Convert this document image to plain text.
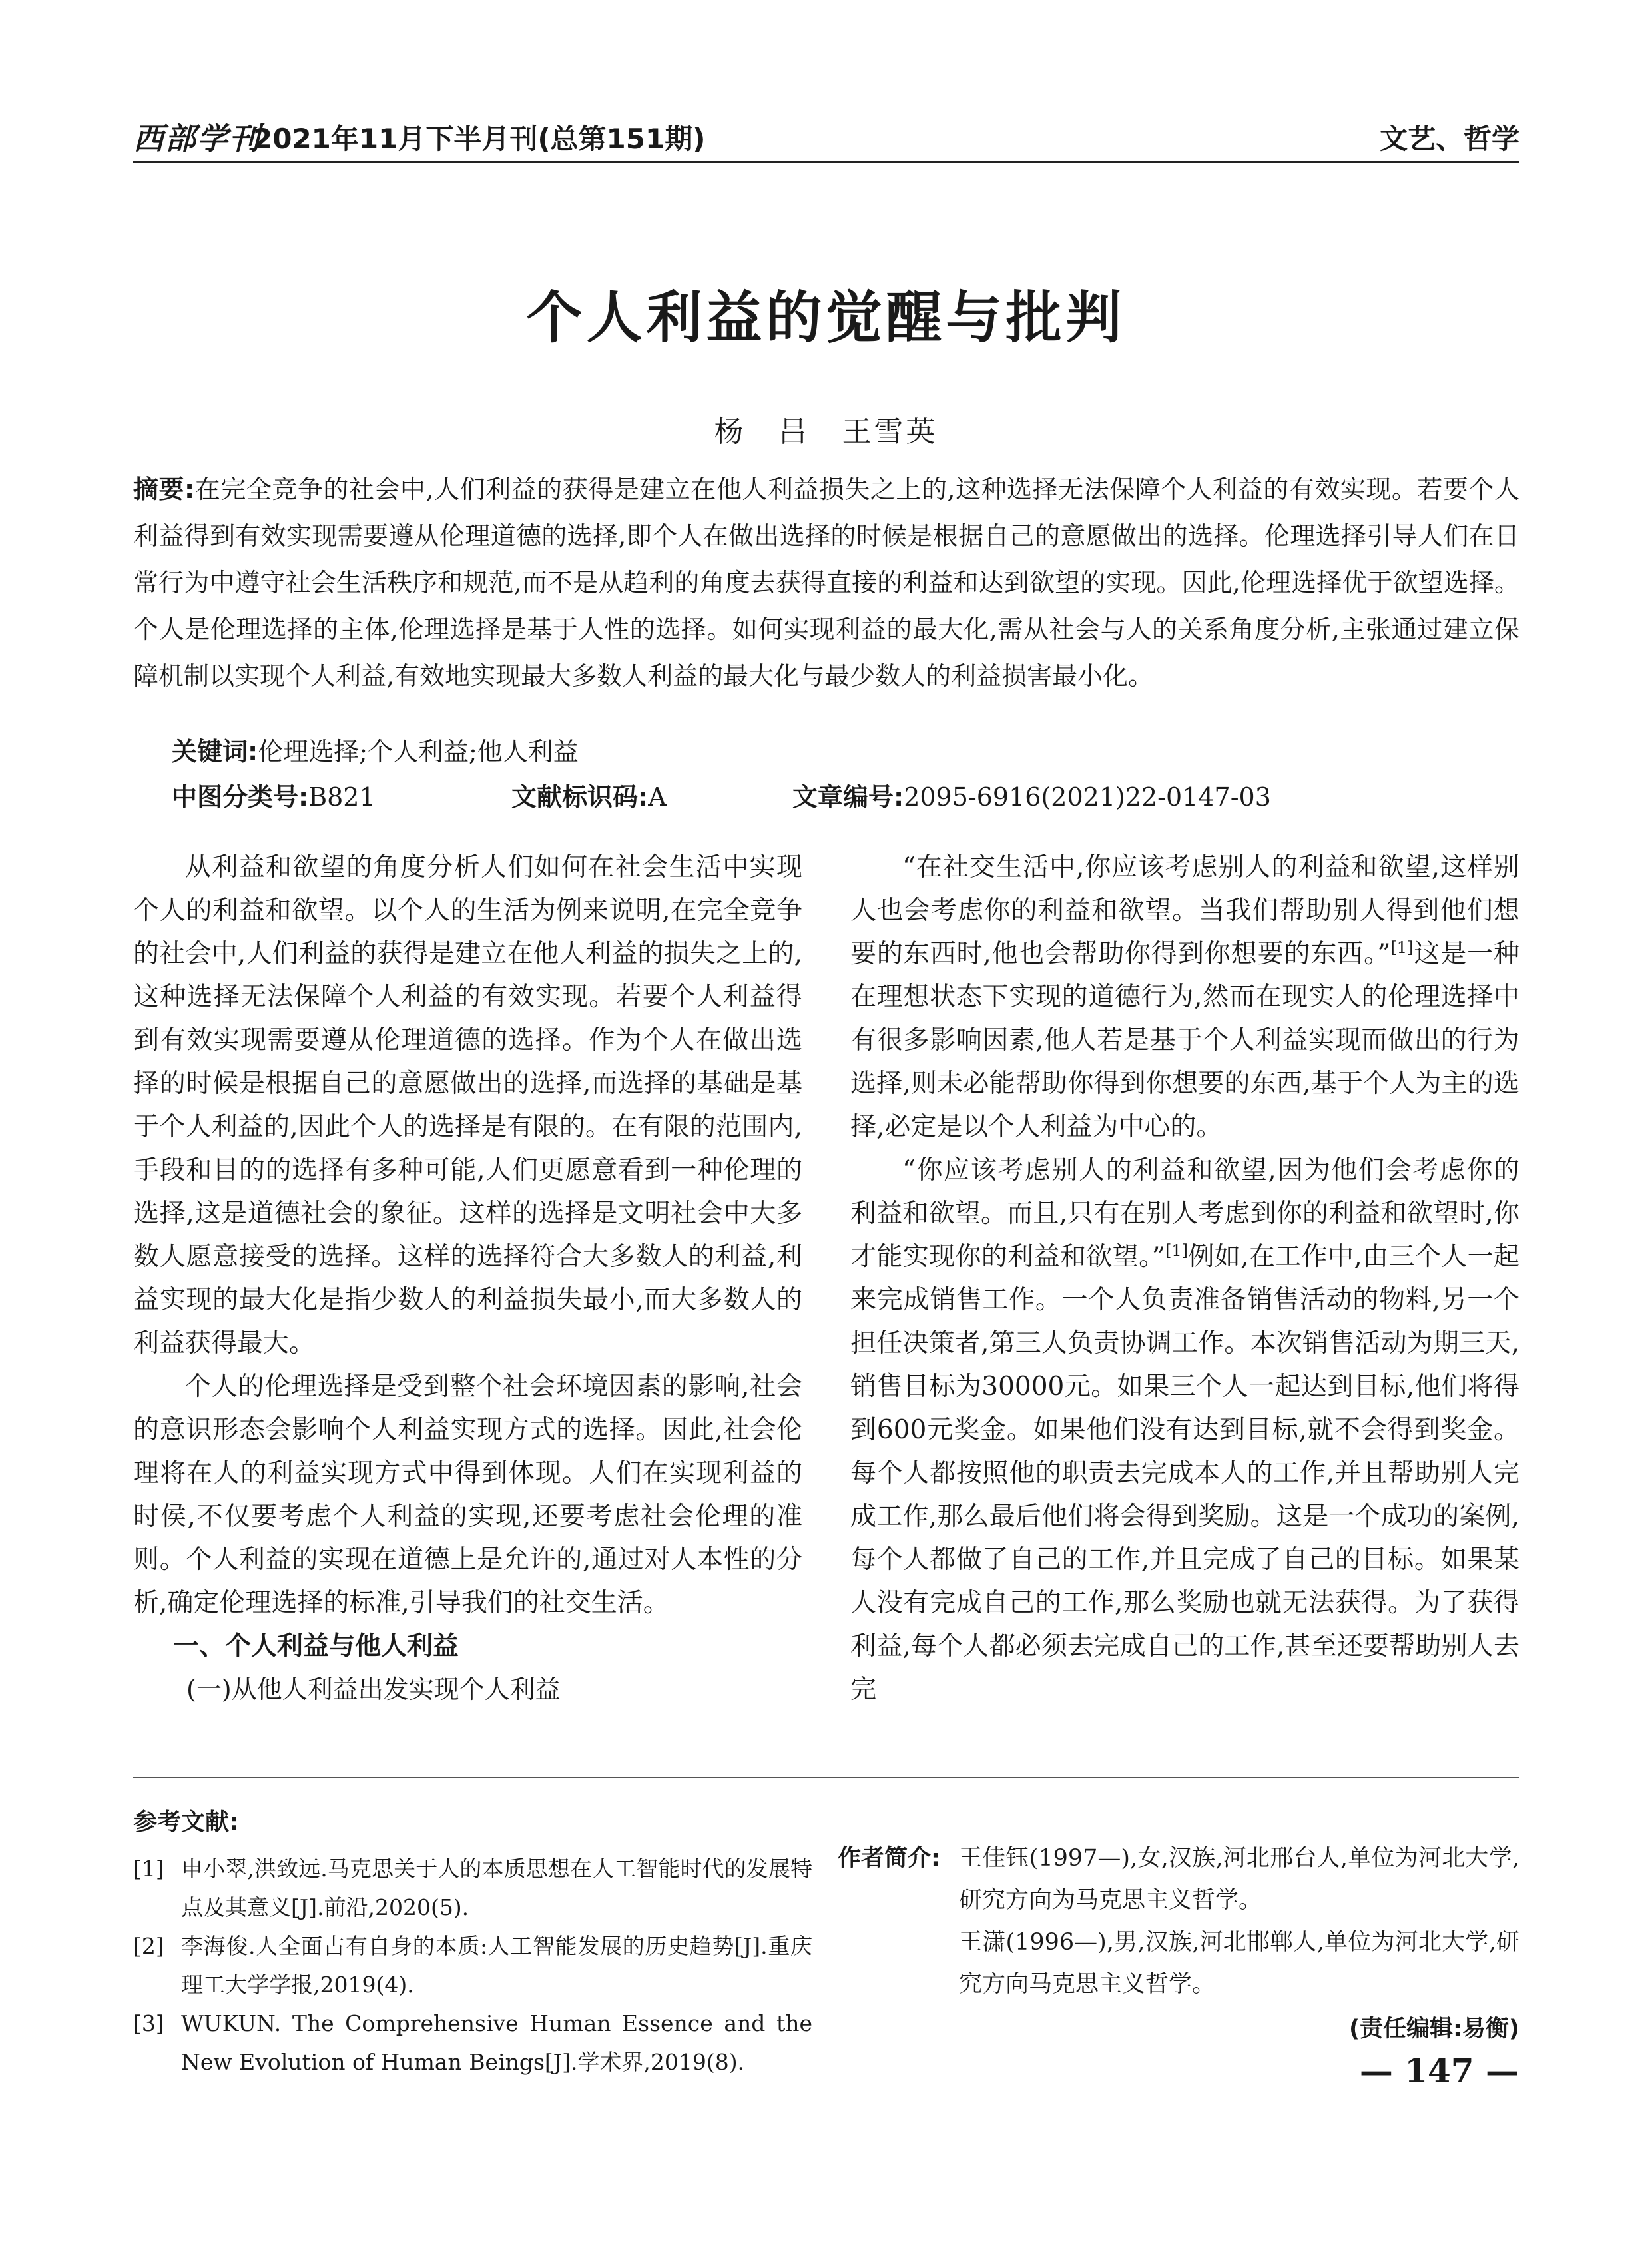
西部学刊
2021年11月下半月刊(总第151期)	文艺、哲学
个人利益的觉醒与批判
杨 吕 王雪英
摘要:在完全竞争的社会中,人们利益的获得是建立在他人利益损失之上的,这种选择无法保障个人利益的有效实现。若要个人利益得到有效实现需要遵从伦理道德的选择,即个人在做出选择的时候是根据自己的意愿做出的选择。伦理选择引导人们在日常行为中遵守社会生活秩序和规范,而不是从趋利的角度去获得直接的利益和达到欲望的实现。因此,伦理选择优于欲望选择。个人是伦理选择的主体,伦理选择是基于人性的选择。如何实现利益的最大化,需从社会与人的关系角度分析,主张通过建立保障机制以实现个人利益,有效地实现最大多数人利益的最大化与最少数人的利益损害最小化。
关键词:伦理选择;个人利益;他人利益
中图分类号:B821	文献标识码:A	文章编号:2095-6916(2021)22-0147-03

从利益和欲望的角度分析人们如何在社会生活中实现个人的利益和欲望。以个人的生活为例来说明,在完全竞争的社会中,人们利益的获得是建立在他人利益的损失之上的,这种选择无法保障个人利益的有效实现。若要个人利益得到有效实现需要遵从伦理道德的选择。作为个人在做出选择的时候是根据自己的意愿做出的选择,而选择的基础是基于个人利益的,因此个人的选择是有限的。在有限的范围内,手段和目的的选择有多种可能,人们更愿意看到一种伦理的选择,这是道德社会的象征。这样的选择是文明社会中大多数人愿意接受的选择。这样的选择符合大多数人的利益,利益实现的最大化是指少数人的利益损失最小,而大多数人的利益获得最大。

个人的伦理选择是受到整个社会环境因素的影响,社会的意识形态会影响个人利益实现方式的选择。因此,社会伦理将在人的利益实现方式中得到体现。人们在实现利益的时侯,不仅要考虑个人利益的实现,还要考虑社会伦理的准则。个人利益的实现在道德上是允许的,通过对人本性的分析,确定伦理选择的标准,引导我们的社交生活。

一、个人利益与他人利益
(一)从他人利益出发实现个人利益

“在社交生活中,你应该考虑别人的利益和欲望,这样别人也会考虑你的利益和欲望。当我们帮助别人得到他们想要的东西时,他也会帮助你得到你想要的东西。”[1]这是一种在理想状态下实现的道德行为,然而在现实人的伦理选择中有很多影响因素,他人若是基于个人利益实现而做出的行为选择,则未必能帮助你得到你想要的东西,基于个人为主的选择,必定是以个人利益为中心的。

“你应该考虑别人的利益和欲望,因为他们会考虑你的利益和欲望。而且,只有在别人考虑到你的利益和欲望时,你才能实现你的利益和欲望。”[1]例如,在工作中,由三个人一起来完成销售工作。一个人负责准备销售活动的物料,另一个担任决策者,第三人负责协调工作。本次销售活动为期三天,销售目标为30000元。如果三个人一起达到目标,他们将得到600元奖金。如果他们没有达到目标,就不会得到奖金。每个人都按照他的职责去完成本人的工作,并且帮助别人完成工作,那么最后他们将会得到奖励。这是一个成功的案例,每个人都做了自己的工作,并且完成了自己的目标。如果某人没有完成自己的工作,那么奖励也就无法获得。为了获得利益,每个人都必须去完成自己的工作,甚至还要帮助别人去完

参考文献:
[1] 申小翠,洪致远.马克思关于人的本质思想在人工智能时代的发展特点及其意义[J].前沿,2020(5).
[2] 李海俊.人全面占有自身的本质:人工智能发展的历史趋势[J].重庆理工大学学报,2019(4).
[3] WUKUN. The Comprehensive Human Essence and the New Evolution of Human Beings[J].学术界,2019(8).
作者简介: 王佳钰(1997—),女,汉族,河北邢台人,单位为河北大学,研究方向为马克思主义哲学。
王潇(1996—),男,汉族,河北邯郸人,单位为河北大学,研究方向马克思主义哲学。
(责任编辑:易衡)
— 147 —
